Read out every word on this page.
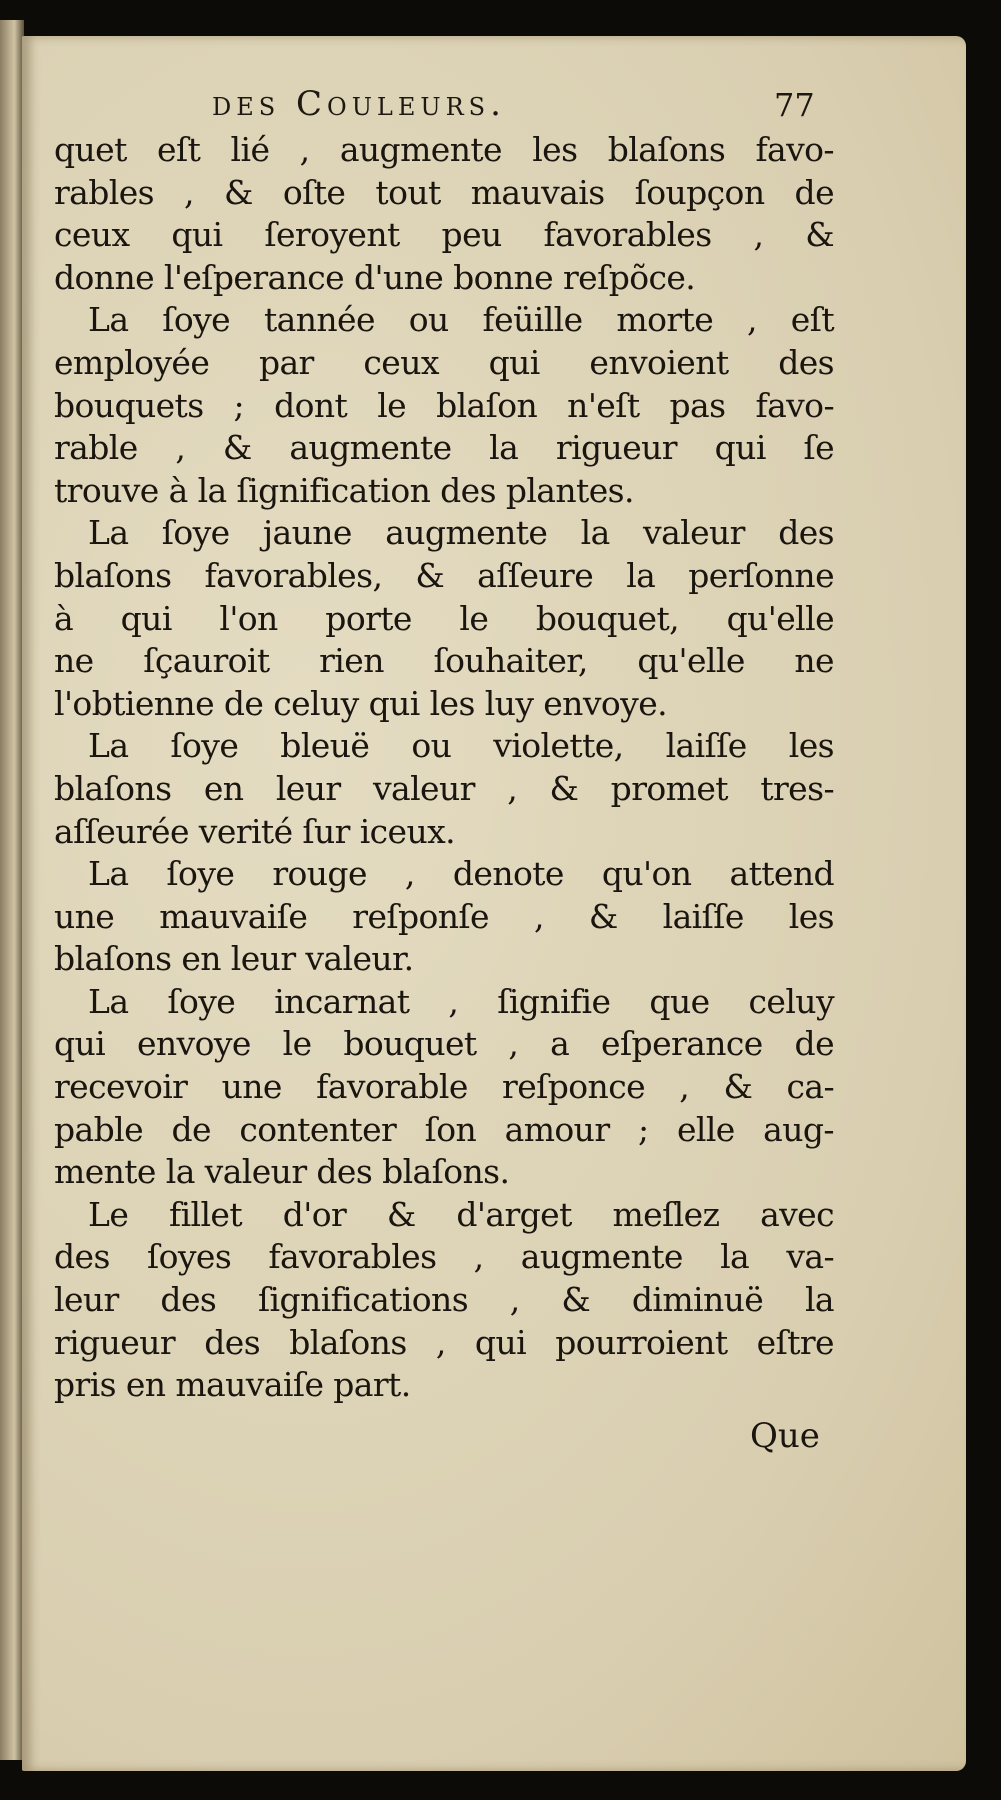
des Couleurs.	77
quet eſt lié , augmente les blaſons favo-
rables , & oſte tout mauvais ſoupçon de
ceux qui ſeroyent peu favorables , &
donne l'eſperance d'une bonne reſpõce.
La ſoye tannée ou feüille morte , eſt
employée par ceux qui envoient des
bouquets ; dont le blaſon n'eſt pas favo-
rable , & augmente la rigueur qui ſe
trouve à la ſignification des plantes.
La ſoye jaune augmente la valeur des
blaſons favorables, & aſſeure la perſonne
à qui l'on porte le bouquet, qu'elle
ne ſçauroit rien ſouhaiter, qu'elle ne
l'obtienne de celuy qui les luy envoye.
La ſoye bleuë ou violette, laiſſe les
blaſons en leur valeur , & promet tres-
aſſeurée verité ſur iceux.
La ſoye rouge , denote qu'on attend
une mauvaiſe reſponſe , & laiſſe les
blaſons en leur valeur.
La ſoye incarnat , ſignifie que celuy
qui envoye le bouquet , a eſperance de
recevoir une favorable reſponce , & ca-
pable de contenter ſon amour ; elle aug-
mente la valeur des blaſons.
Le fillet d'or & d'arget meſlez avec
des ſoyes favorables , augmente la va-
leur des ſignifications , & diminuë la
rigueur des blaſons , qui pourroient eſtre
pris en mauvaiſe part.
Que
